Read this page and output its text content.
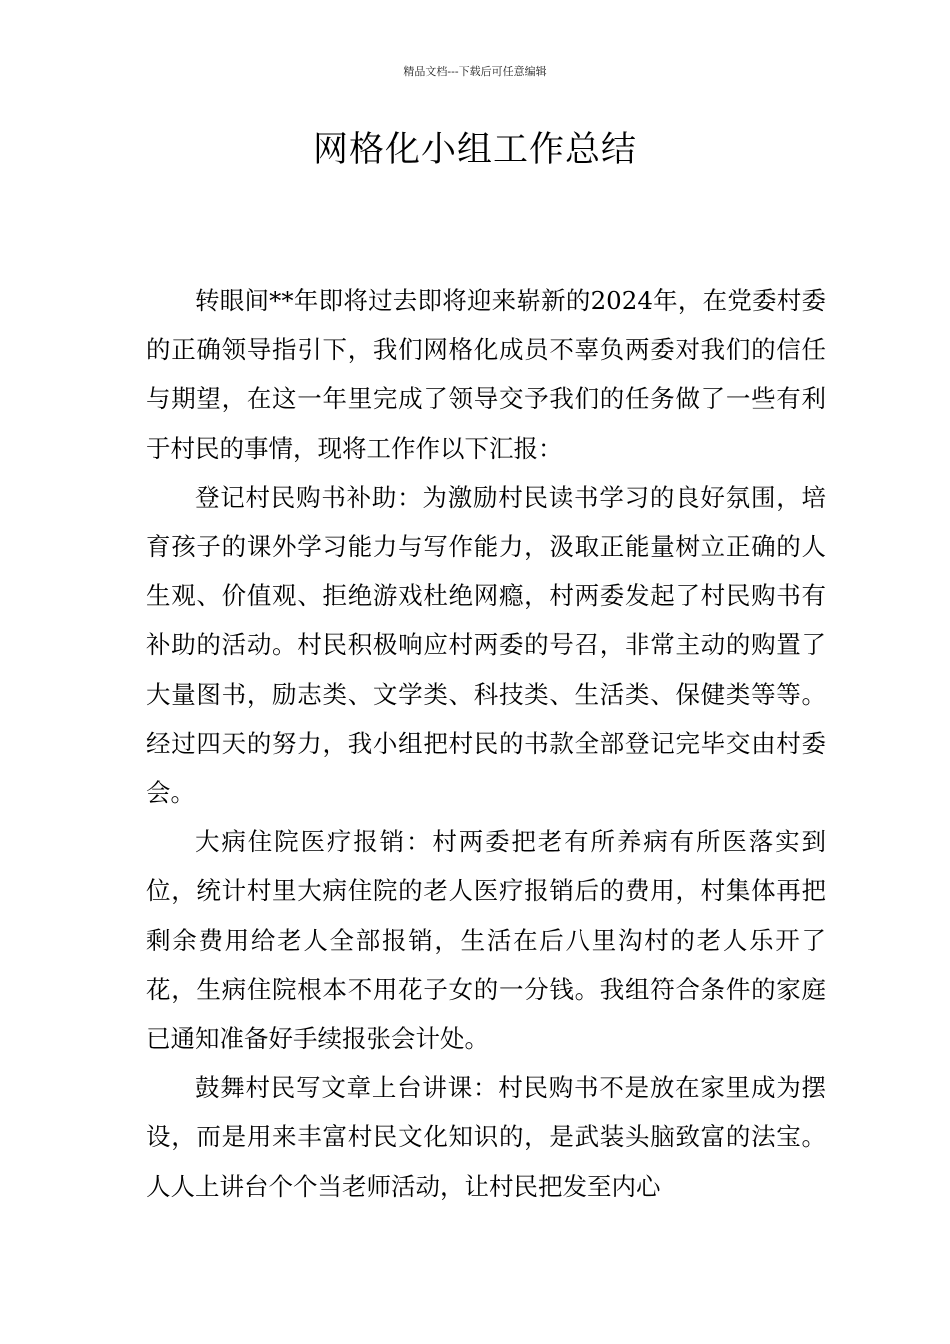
精品文档---下载后可任意编辑
网格化小组工作总结

转眼间**年即将过去即将迎来崭新的2024年，在党委村委的正确领导指引下，我们网格化成员不辜负两委对我们的信任与期望，在这一年里完成了领导交予我们的任务做了一些有利于村民的事情，现将工作作以下汇报：

登记村民购书补助：为激励村民读书学习的良好氛围，培育孩子的课外学习能力与写作能力，汲取正能量树立正确的人生观、价值观、拒绝游戏杜绝网瘾，村两委发起了村民购书有补助的活动。村民积极响应村两委的号召，非常主动的购置了大量图书，励志类、文学类、科技类、生活类、保健类等等。经过四天的努力，我小组把村民的书款全部登记完毕交由村委会。

大病住院医疗报销：村两委把老有所养病有所医落实到位，统计村里大病住院的老人医疗报销后的费用，村集体再把剩余费用给老人全部报销，生活在后八里沟村的老人乐开了花，生病住院根本不用花子女的一分钱。我组符合条件的家庭已通知准备好手续报张会计处。

鼓舞村民写文章上台讲课：村民购书不是放在家里成为摆设，而是用来丰富村民文化知识的，是武装头脑致富的法宝。人人上讲台个个当老师活动，让村民把发至内心
